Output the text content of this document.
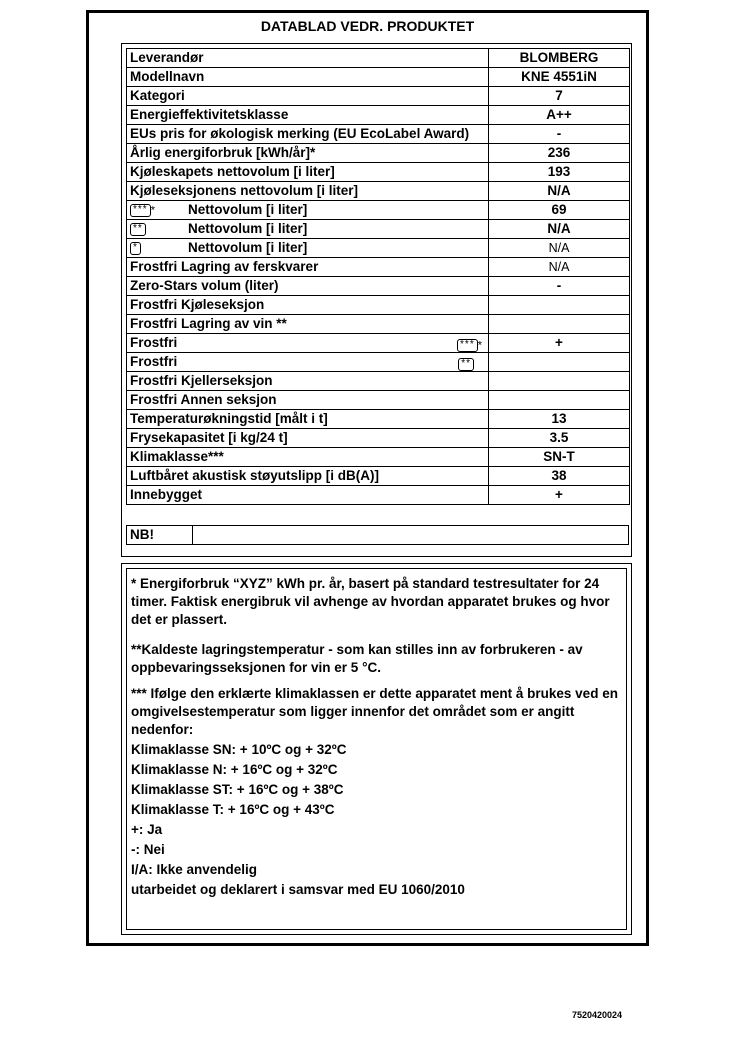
DATABLAD VEDR. PRODUKTET
Leverandør	BLOMBERG
Modellnavn	KNE 4551iN
Kategori	7
Energieffektivitetsklasse	A++
EUs pris for økologisk merking (EU EcoLabel Award)	-
Årlig energiforbruk [kWh/år]*	236
Kjøleskapets nettovolum [i liter]	193
Kjøleseksjonens nettovolum [i liter]	N/A
*** * Nettovolum [i liter]	69
** Nettovolum [i liter]	N/A
* Nettovolum [i liter]	N/A
Frostfri Lagring av ferskvarer	N/A
Zero-Stars volum (liter)	-
Frostfri Kjøleseksjon	
Frostfri Lagring av vin **	
Frostfri *** *	+
Frostfri **	

Frostfri Kjellerseksjon	
Frostfri Annen seksjon	
Temperaturøkningstid [målt i t]	13
Frysekapasitet [i kg/24 t]	3.5
Klimaklasse***	SN-T
Luftbåret akustisk støyutslipp [i dB(A)]	38
Innebygget	+
NB!	

* Energiforbruk “XYZ” kWh pr. år, basert på standard testresultater for 24 timer. Faktisk energibruk vil avhenge av hvordan apparatet brukes og hvor det er plassert.

**Kaldeste lagringstemperatur - som kan stilles inn av forbrukeren - av oppbevaringsseksjonen for vin er 5 °C.

*** Ifølge den erklærte klimaklassen er dette apparatet ment å brukes ved en omgivelsestemperatur som ligger innenfor det området som er angitt nedenfor:

Klimaklasse SN: + 10ºC og + 32ºC
Klimaklasse N: + 16ºC og + 32ºC
Klimaklasse ST: + 16ºC og + 38ºC
Klimaklasse T: + 16ºC og + 43ºC
+: Ja
-: Nei
I/A: Ikke anvendelig
utarbeidet og deklarert i samsvar med EU 1060/2010
7520420024
